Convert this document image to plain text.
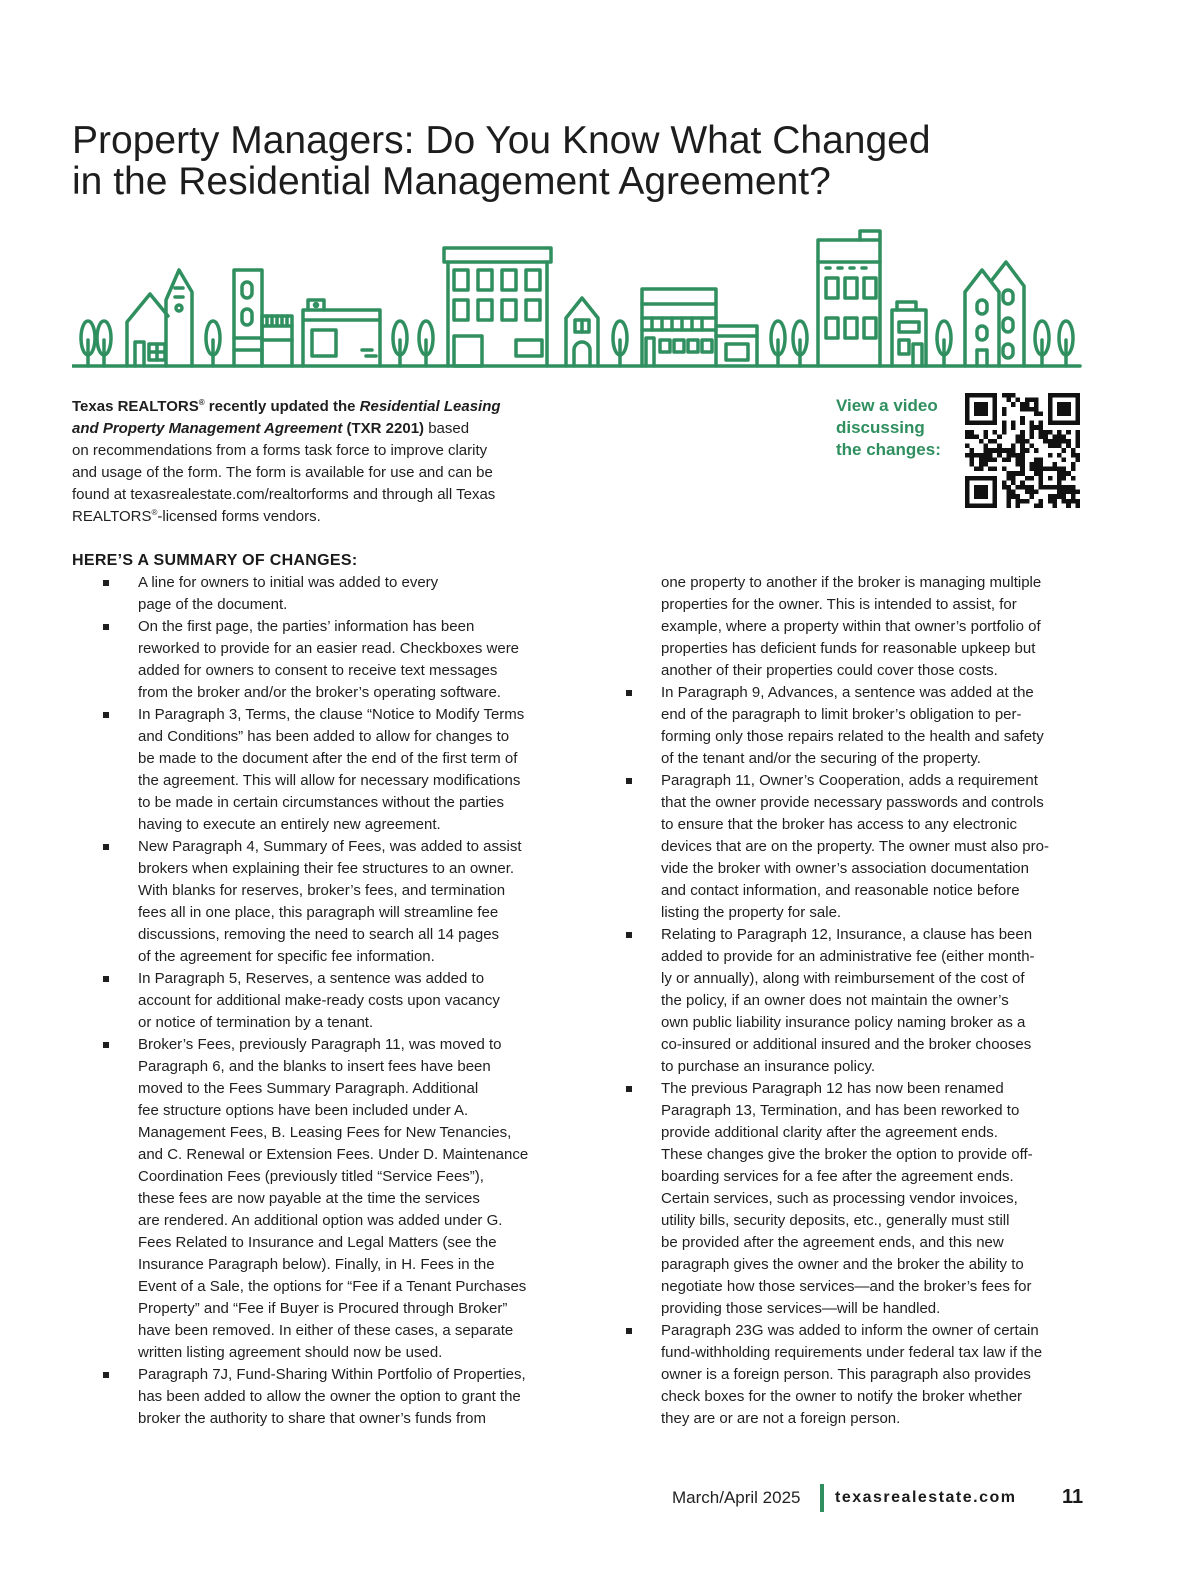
Property Managers: Do You Know What Changed
in the Residential Management Agreement?
Texas REALTORS® recently updated the Residential Leasing
and Property Management Agreement (TXR 2201) based
on recommendations from a forms task force to improve clarity
and usage of the form. The form is available for use and can be
found at texasrealestate.com/realtorforms and through all Texas
REALTORS®-licensed forms vendors.
View a video
discussing
the changes:
HERE’S A SUMMARY OF CHANGES:
A line for owners to initial was added to every
page of the document.
On the first page, the parties’ information has been
reworked to provide for an easier read. Checkboxes were
added for owners to consent to receive text messages
from the broker and/or the broker’s operating software.
In Paragraph 3, Terms, the clause “Notice to Modify Terms
and Conditions” has been added to allow for changes to
be made to the document after the end of the first term of
the agreement. This will allow for necessary modifications
to be made in certain circumstances without the parties
having to execute an entirely new agreement.
New Paragraph 4, Summary of Fees, was added to assist
brokers when explaining their fee structures to an owner.
With blanks for reserves, broker’s fees, and termination
fees all in one place, this paragraph will streamline fee
discussions, removing the need to search all 14 pages
of the agreement for specific fee information.
In Paragraph 5, Reserves, a sentence was added to
account for additional make-ready costs upon vacancy
or notice of termination by a tenant.
Broker’s Fees, previously Paragraph 11, was moved to
Paragraph 6, and the blanks to insert fees have been
moved to the Fees Summary Paragraph. Additional
fee structure options have been included under A.
Management Fees, B. Leasing Fees for New Tenancies,
and C. Renewal or Extension Fees. Under D. Maintenance
Coordination Fees (previously titled “Service Fees”),
these fees are now payable at the time the services
are rendered. An additional option was added under G.
Fees Related to Insurance and Legal Matters (see the
Insurance Paragraph below). Finally, in H. Fees in the
Event of a Sale, the options for “Fee if a Tenant Purchases
Property” and “Fee if Buyer is Procured through Broker”
have been removed. In either of these cases, a separate
written listing agreement should now be used.
Paragraph 7J, Fund-Sharing Within Portfolio of Properties,
has been added to allow the owner the option to grant the
broker the authority to share that owner’s funds from
one property to another if the broker is managing multiple
properties for the owner. This is intended to assist, for
example, where a property within that owner’s portfolio of
properties has deficient funds for reasonable upkeep but
another of their properties could cover those costs.
In Paragraph 9, Advances, a sentence was added at the
end of the paragraph to limit broker’s obligation to per-
forming only those repairs related to the health and safety
of the tenant and/or the securing of the property.
Paragraph 11, Owner’s Cooperation, adds a requirement
that the owner provide necessary passwords and controls
to ensure that the broker has access to any electronic
devices that are on the property. The owner must also pro-
vide the broker with owner’s association documentation
and contact information, and reasonable notice before
listing the property for sale.
Relating to Paragraph 12, Insurance, a clause has been
added to provide for an administrative fee (either month-
ly or annually), along with reimbursement of the cost of
the policy, if an owner does not maintain the owner’s
own public liability insurance policy naming broker as a
co-insured or additional insured and the broker chooses
to purchase an insurance policy.
The previous Paragraph 12 has now been renamed
Paragraph 13, Termination, and has been reworked to
provide additional clarity after the agreement ends.
These changes give the broker the option to provide off-
boarding services for a fee after the agreement ends.
Certain services, such as processing vendor invoices,
utility bills, security deposits, etc., generally must still
be provided after the agreement ends, and this new
paragraph gives the owner and the broker the ability to
negotiate how those services—and the broker’s fees for
providing those services—will be handled.
Paragraph 23G was added to inform the owner of certain
fund-withholding requirements under federal tax law if the
owner is a foreign person. This paragraph also provides
check boxes for the owner to notify the broker whether
they are or are not a foreign person.
March/April 2025 texasrealestate.com 11
